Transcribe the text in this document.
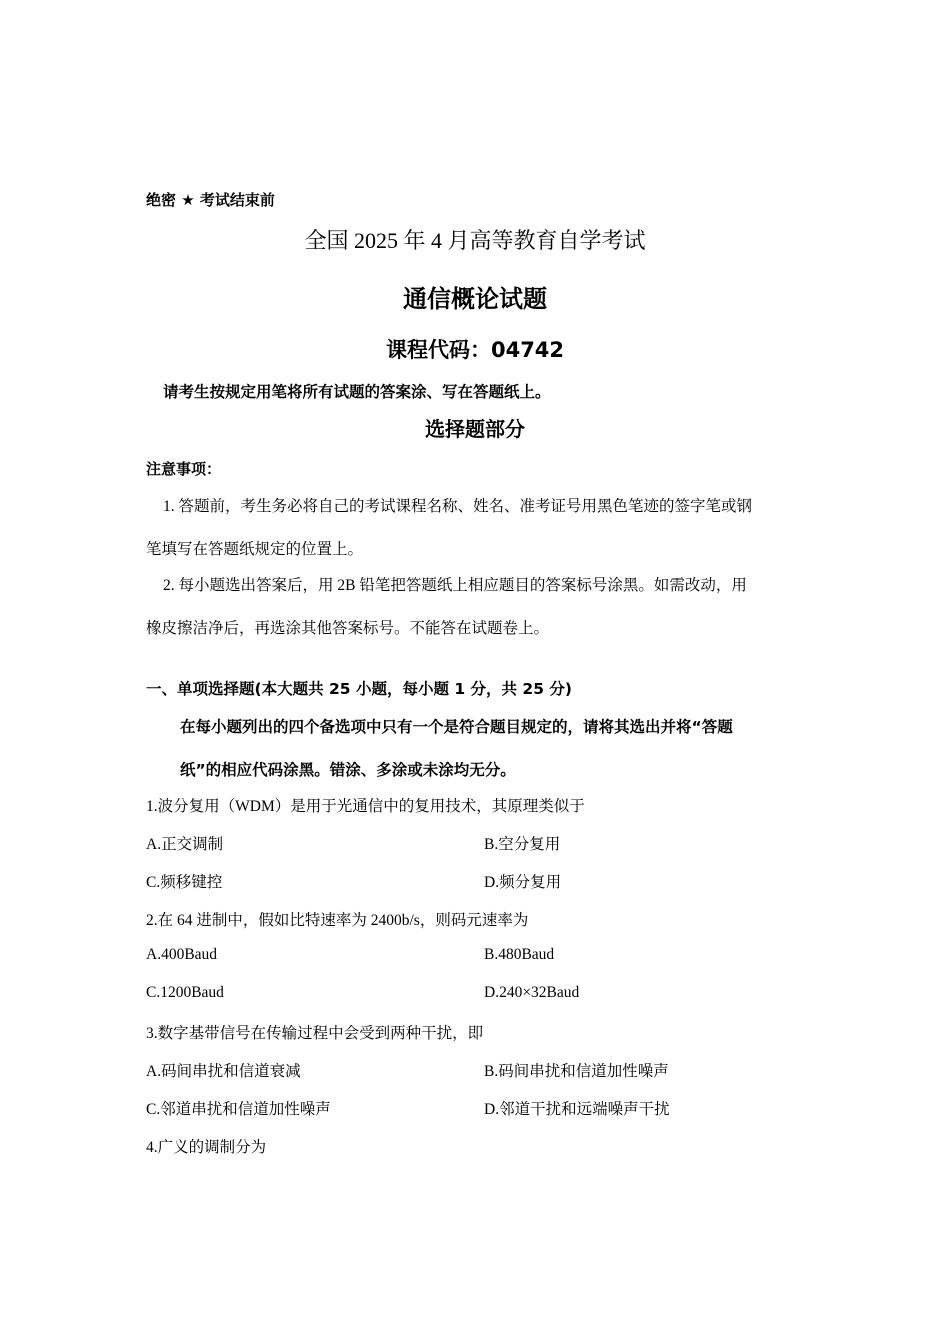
绝密 ★ 考试结束前
全国 2025 年 4 月高等教育自学考试
通信概论试题
课程代码：04742
请考生按规定用笔将所有试题的答案涂、写在答题纸上。
选择题部分
注意事项：
1. 答题前，考生务必将自己的考试课程名称、姓名、准考证号用黑色笔迹的签字笔或钢
笔填写在答题纸规定的位置上。
2. 每小题选出答案后，用 2B 铅笔把答题纸上相应题目的答案标号涂黑。如需改动，用
橡皮擦洁净后，再选涂其他答案标号。不能答在试题卷上。
一、单项选择题(本大题共 25 小题，每小题 1 分，共 25 分)
在每小题列出的四个备选项中只有一个是符合题目规定的，请将其选出并将“答题
纸”的相应代码涂黑。错涂、多涂或未涂均无分。
1.波分复用（WDM）是用于光通信中的复用技术，其原理类似于
A.正交调制	B.空分复用
C.频移键控	D.频分复用
2.在 64 进制中，假如比特速率为 2400b/s，则码元速率为
A.400Baud	B.480Baud
C.1200Baud	D.240×32Baud
3.数字基带信号在传输过程中会受到两种干扰，即
A.码间串扰和信道衰减	B.码间串扰和信道加性噪声
C.邻道串扰和信道加性噪声	D.邻道干扰和远端噪声干扰
4.广义的调制分为
